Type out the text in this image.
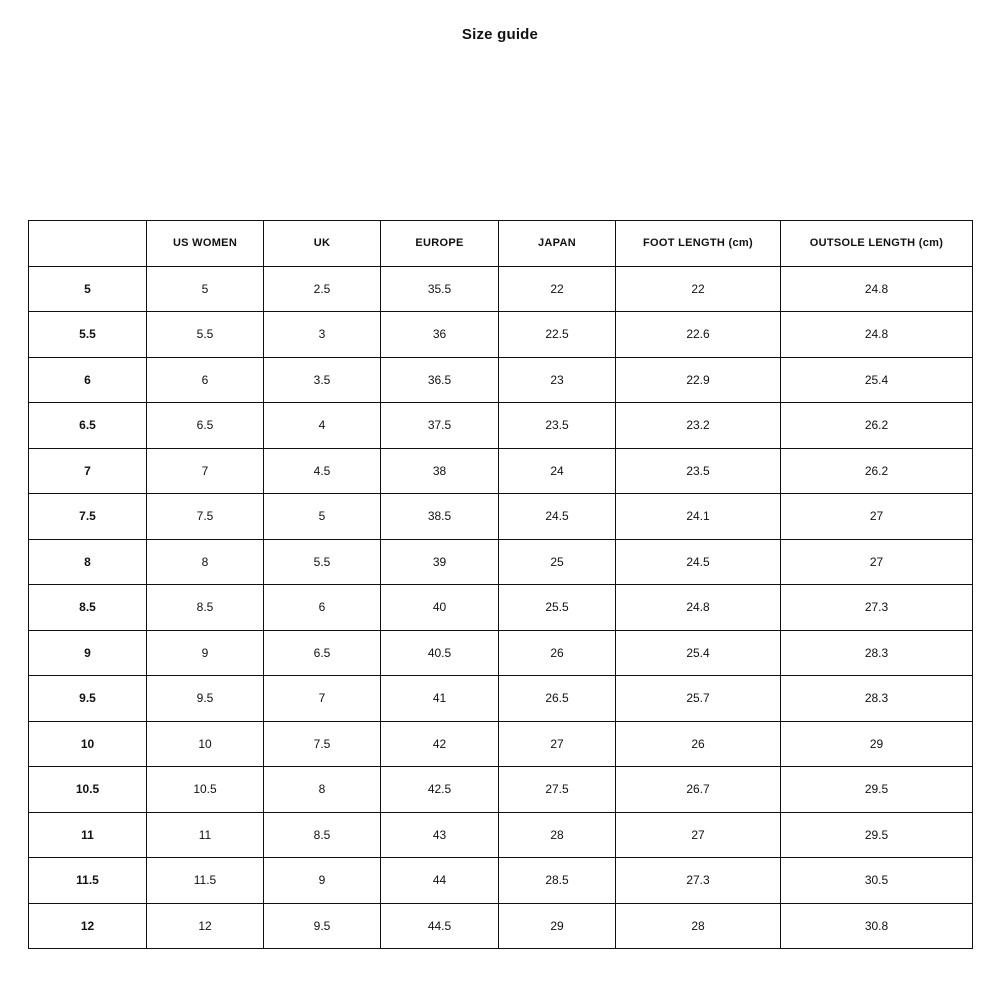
Size guide
	US WOMEN	UK	EUROPE	JAPAN	FOOT LENGTH (cm)	OUTSOLE LENGTH (cm)
5	5	2.5	35.5	22	22	24.8
5.5	5.5	3	36	22.5	22.6	24.8
6	6	3.5	36.5	23	22.9	25.4
6.5	6.5	4	37.5	23.5	23.2	26.2
7	7	4.5	38	24	23.5	26.2
7.5	7.5	5	38.5	24.5	24.1	27
8	8	5.5	39	25	24.5	27
8.5	8.5	6	40	25.5	24.8	27.3
9	9	6.5	40.5	26	25.4	28.3
9.5	9.5	7	41	26.5	25.7	28.3
10	10	7.5	42	27	26	29
10.5	10.5	8	42.5	27.5	26.7	29.5
11	11	8.5	43	28	27	29.5
11.5	11.5	9	44	28.5	27.3	30.5
12	12	9.5	44.5	29	28	30.8
